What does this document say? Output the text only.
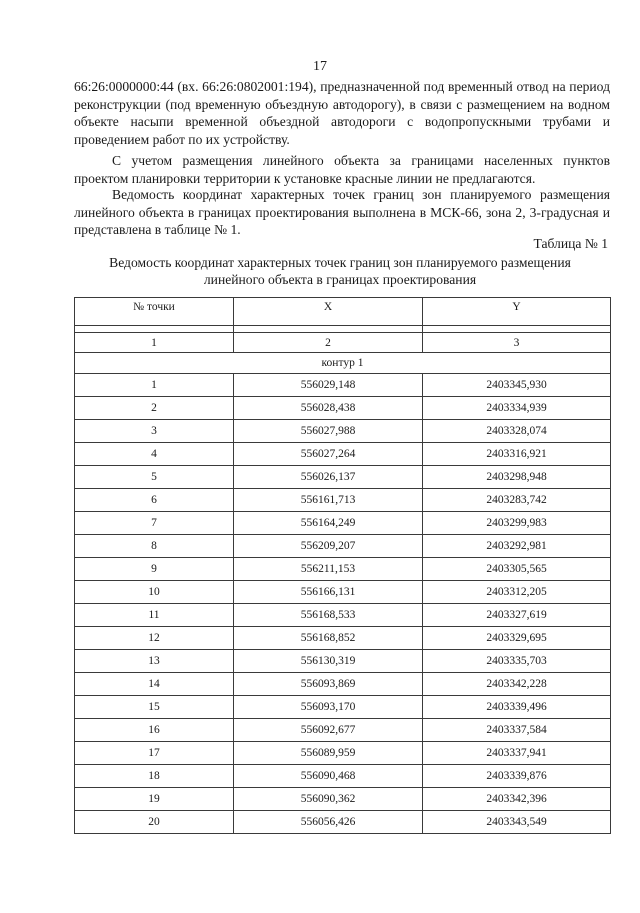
17

66:26:0000000:44 (вх. 66:26:0802001:194), предназначенной под временный отвод на период реконструкции (под временную объездную автодорогу), в связи с размещением на водном объекте насыпи временной объездной автодороги с водопропускными трубами и проведением работ по их устройству.

С учетом размещения линейного объекта за границами населенных пунктов проектом планировки территории к установке красные линии не предлагаются.

Ведомость координат характерных точек границ зон планируемого размещения линейного объекта в границах проектирования выполнена в МСК-66, зона 2, 3-градусная и представлена в таблице № 1.

Таблица № 1
Ведомость координат характерных точек границ зон планируемого размещения линейного объекта в границах проектирования
№ точки	X	Y

1	2	3
контур 1		
1	556029,148	2403345,930
2	556028,438	2403334,939
3	556027,988	2403328,074
4	556027,264	2403316,921
5	556026,137	2403298,948
6	556161,713	2403283,742
7	556164,249	2403299,983
8	556209,207	2403292,981
9	556211,153	2403305,565
10	556166,131	2403312,205
11	556168,533	2403327,619
12	556168,852	2403329,695
13	556130,319	2403335,703
14	556093,869	2403342,228
15	556093,170	2403339,496
16	556092,677	2403337,584
17	556089,959	2403337,941
18	556090,468	2403339,876
19	556090,362	2403342,396
20	556056,426	2403343,549
